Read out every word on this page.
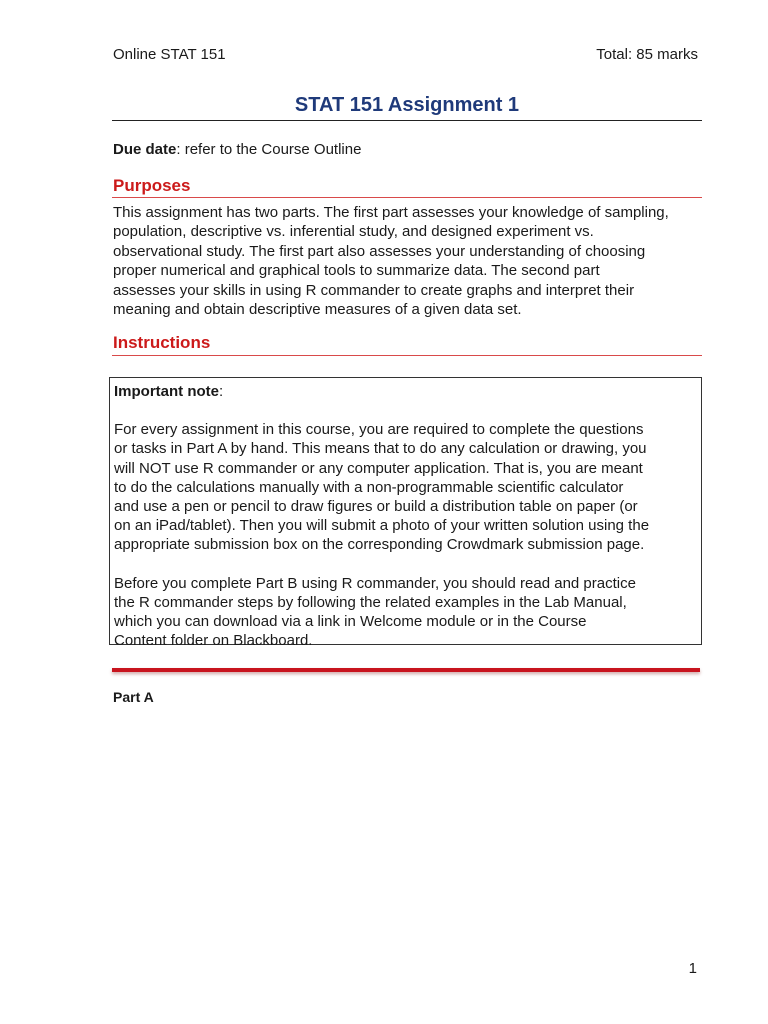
Online STAT 151	Total: 85 marks
STAT 151 Assignment 1
Due date: refer to the Course Outline
Purposes
This assignment has two parts. The first part assesses your knowledge of sampling,
population, descriptive vs. inferential study, and designed experiment vs.
observational study. The first part also assesses your understanding of choosing
proper numerical and graphical tools to summarize data. The second part
assesses your skills in using R commander to create graphs and interpret their
meaning and obtain descriptive measures of a given data set.
Instructions

Important note:

For every assignment in this course, you are required to complete the questions
or tasks in Part A by hand. This means that to do any calculation or drawing, you
will NOT use R commander or any computer application. That is, you are meant
to do the calculations manually with a non-programmable scientific calculator
and use a pen or pencil to draw figures or build a distribution table on paper (or
on an iPad/tablet). Then you will submit a photo of your written solution using the
appropriate submission box on the corresponding Crowdmark submission page.
Before you complete Part B using R commander, you should read and practice
the R commander steps by following the related examples in the Lab Manual,
which you can download via a link in Welcome module or in the Course
Content folder on Blackboard.
Part A
1
